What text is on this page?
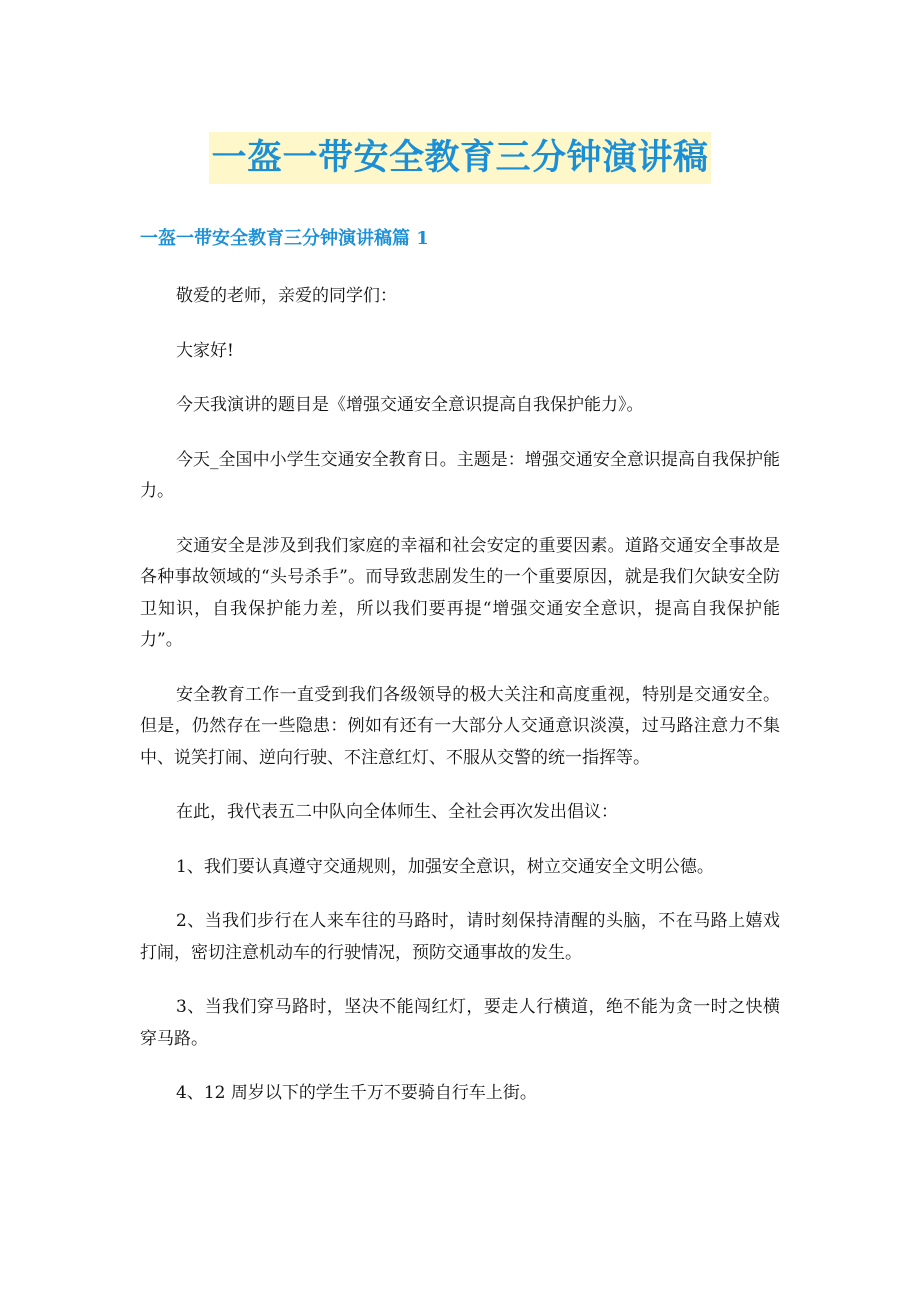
一盔一带安全教育三分钟演讲稿
一盔一带安全教育三分钟演讲稿篇 1

敬爱的老师，亲爱的同学们：

大家好!

今天我演讲的题目是《增强交通安全意识提高自我保护能力》。

今天_全国中小学生交通安全教育日。主题是：增强交通安全意识提高自我保护能力。

交通安全是涉及到我们家庭的幸福和社会安定的重要因素。道路交通安全事故是各种事故领域的“头号杀手”。而导致悲剧发生的一个重要原因，就是我们欠缺安全防卫知识，自我保护能力差，所以我们要再提“增强交通安全意识，提高自我保护能力”。

安全教育工作一直受到我们各级领导的极大关注和高度重视，特别是交通安全。但是，仍然存在一些隐患：例如有还有一大部分人交通意识淡漠，过马路注意力不集中、说笑打闹、逆向行驶、不注意红灯、不服从交警的统一指挥等。

在此，我代表五二中队向全体师生、全社会再次发出倡议：

1、我们要认真遵守交通规则，加强安全意识，树立交通安全文明公德。

2、当我们步行在人来车往的马路时，请时刻保持清醒的头脑，不在马路上嬉戏打闹，密切注意机动车的行驶情况，预防交通事故的发生。

3、当我们穿马路时，坚决不能闯红灯，要走人行横道，绝不能为贪一时之快横穿马路。

4、12 周岁以下的学生千万不要骑自行车上街。
